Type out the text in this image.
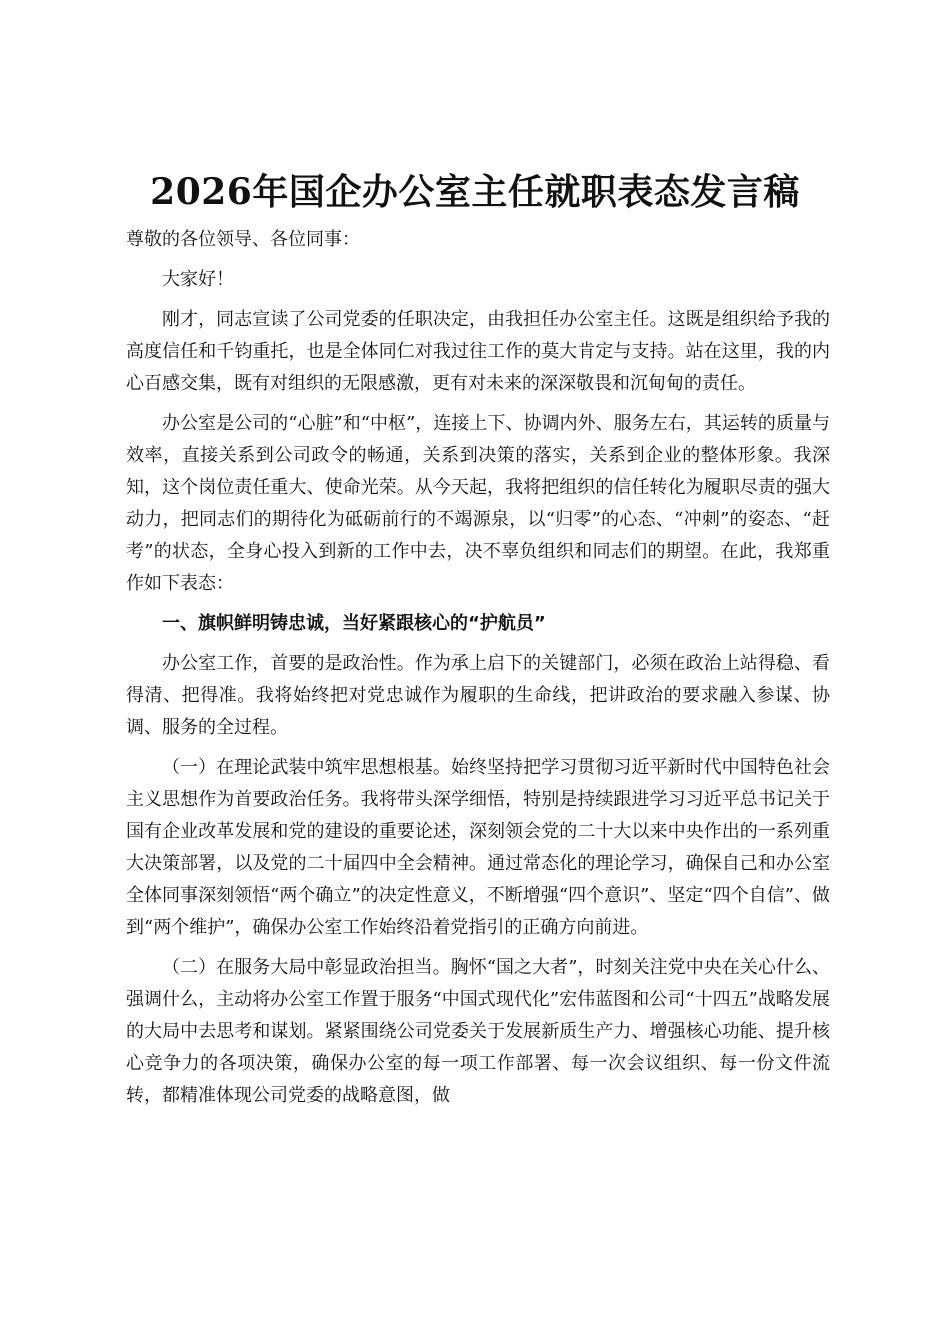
2026年国企办公室主任就职表态发言稿

尊敬的各位领导、各位同事：

大家好！

刚才，同志宣读了公司党委的任职决定，由我担任办公室主任。这既是组织给予我的高度信任和千钧重托，也是全体同仁对我过往工作的莫大肯定与支持。站在这里，我的内心百感交集，既有对组织的无限感激，更有对未来的深深敬畏和沉甸甸的责任。

办公室是公司的“心脏”和“中枢”，连接上下、协调内外、服务左右，其运转的质量与效率，直接关系到公司政令的畅通，关系到决策的落实，关系到企业的整体形象。我深知，这个岗位责任重大、使命光荣。从今天起，我将把组织的信任转化为履职尽责的强大动力，把同志们的期待化为砥砺前行的不竭源泉，以“归零”的心态、“冲刺”的姿态、“赶考”的状态，全身心投入到新的工作中去，决不辜负组织和同志们的期望。在此，我郑重作如下表态：

一、旗帜鲜明铸忠诚，当好紧跟核心的“护航员”

办公室工作，首要的是政治性。作为承上启下的关键部门，必须在政治上站得稳、看得清、把得准。我将始终把对党忠诚作为履职的生命线，把讲政治的要求融入参谋、协调、服务的全过程。

（一）在理论武装中筑牢思想根基。始终坚持把学习贯彻习近平新时代中国特色社会主义思想作为首要政治任务。我将带头深学细悟，特别是持续跟进学习习近平总书记关于国有企业改革发展和党的建设的重要论述，深刻领会党的二十大以来中央作出的一系列重大决策部署，以及党的二十届四中全会精神。通过常态化的理论学习，确保自己和办公室全体同事深刻领悟“两个确立”的决定性意义，不断增强“四个意识”、坚定“四个自信”、做到“两个维护”，确保办公室工作始终沿着党指引的正确方向前进。

（二）在服务大局中彰显政治担当。胸怀“国之大者”，时刻关注党中央在关心什么、强调什么，主动将办公室工作置于服务“中国式现代化”宏伟蓝图和公司“十四五”战略发展的大局中去思考和谋划。紧紧围绕公司党委关于发展新质生产力、增强核心功能、提升核心竞争力的各项决策，确保办公室的每一项工作部署、每一次会议组织、每一份文件流转，都精准体现公司党委的战略意图，做
